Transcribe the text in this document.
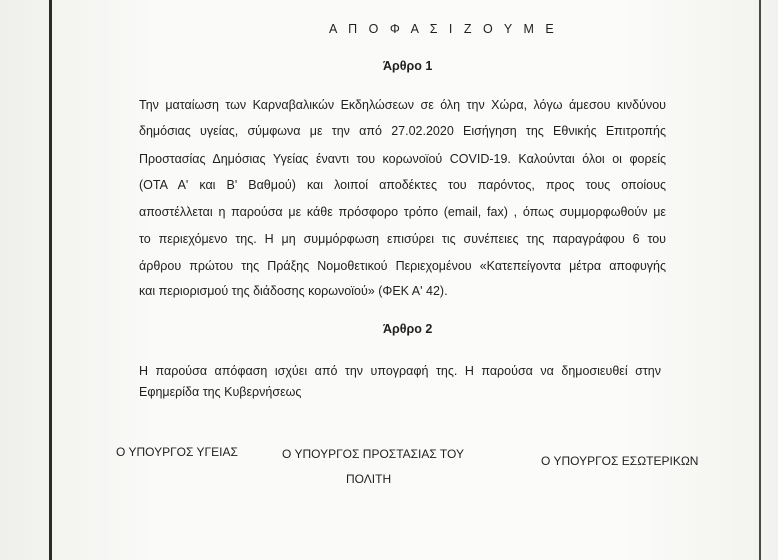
Α Π Ο Φ Α Σ Ι Ζ Ο Υ Μ Ε
Άρθρο 1
Την ματαίωση των Καρναβαλικών Εκδηλώσεων σε όλη την Χώρα, λόγω άμεσου κινδύνου
δημόσιας υγείας, σύμφωνα με την από 27.02.2020 Εισήγηση της Εθνικής Επιτροπής
Προστασίας Δημόσιας Υγείας έναντι του κορωνοϊού COVID-19. Καλούνται όλοι οι φορείς
(ΟΤΑ Α' και Β' Βαθμού) και λοιποί αποδέκτες του παρόντος, προς τους οποίους
αποστέλλεται η παρούσα με κάθε πρόσφορο τρόπο (email, fax) , όπως συμμορφωθούν με
το περιεχόμενο της. Η μη συμμόρφωση επισύρει τις συνέπειες της παραγράφου 6 του
άρθρου πρώτου της Πράξης Νομοθετικού Περιεχομένου «Κατεπείγοντα μέτρα αποφυγής
και περιορισμού της διάδοσης κορωνοϊού» (ΦΕΚ Α' 42).
Άρθρο 2
Η παρούσα απόφαση ισχύει από την υπογραφή της. Η παρούσα να δημοσιευθεί στην
Εφημερίδα της Κυβερνήσεως
Ο ΥΠΟΥΡΓΟΣ ΥΓΕΙΑΣ	Ο ΥΠΟΥΡΓΟΣ ΠΡΟΣΤΑΣΙΑΣ ΤΟΥ
ΠΟΛΙΤΗ
Ο ΥΠΟΥΡΓΟΣ ΕΣΩΤΕΡΙΚΩΝ
